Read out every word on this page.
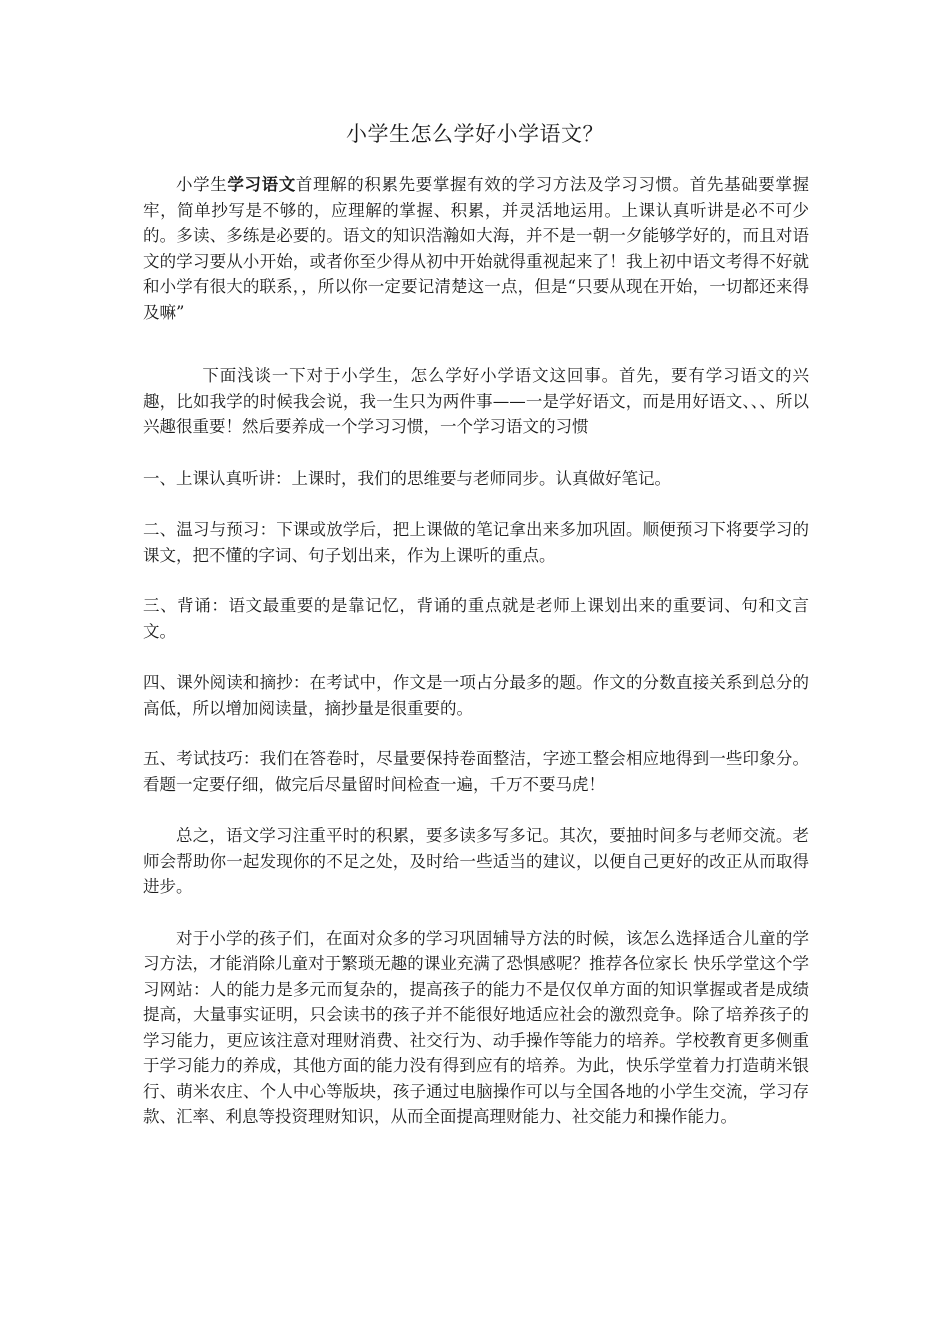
小学生怎么学好小学语文？

小学生学习语文首理解的积累先要掌握有效的学习方法及学习习惯。首先基础要掌握牢，简单抄写是不够的，应理解的掌握、积累，并灵活地运用。上课认真听讲是必不可少的。多读、多练是必要的。语文的知识浩瀚如大海，并不是一朝一夕能够学好的，而且对语文的学习要从小开始，或者你至少得从初中开始就得重视起来了！我上初中语文考得不好就和小学有很大的联系，，所以你一定要记清楚这一点，但是“只要从现在开始，一切都还来得及嘛”

下面浅谈一下对于小学生，怎么学好小学语文这回事。首先，要有学习语文的兴趣，比如我学的时候我会说，我一生只为两件事——一是学好语文，而是用好语文、、、所以兴趣很重要！然后要养成一个学习习惯，一个学习语文的习惯

一、上课认真听讲：上课时，我们的思维要与老师同步。认真做好笔记。

二、温习与预习：下课或放学后，把上课做的笔记拿出来多加巩固。顺便预习下将要学习的课文，把不懂的字词、句子划出来，作为上课听的重点。

三、背诵：语文最重要的是靠记忆，背诵的重点就是老师上课划出来的重要词、句和文言文。

四、课外阅读和摘抄：在考试中，作文是一项占分最多的题。作文的分数直接关系到总分的高低，所以增加阅读量，摘抄量是很重要的。

五、考试技巧：我们在答卷时，尽量要保持卷面整洁，字迹工整会相应地得到一些印象分。看题一定要仔细，做完后尽量留时间检查一遍，千万不要马虎！

总之，语文学习注重平时的积累，要多读多写多记。其次，要抽时间多与老师交流。老师会帮助你一起发现你的不足之处，及时给一些适当的建议，以便自己更好的改正从而取得进步。

对于小学的孩子们，在面对众多的学习巩固辅导方法的时候，该怎么选择适合儿童的学习方法，才能消除儿童对于繁琐无趣的课业充满了恐惧感呢？推荐各位家长 快乐学堂这个学习网站：人的能力是多元而复杂的，提高孩子的能力不是仅仅单方面的知识掌握或者是成绩提高，大量事实证明，只会读书的孩子并不能很好地适应社会的激烈竞争。除了培养孩子的学习能力，更应该注意对理财消费、社交行为、动手操作等能力的培养。学校教育更多侧重于学习能力的养成，其他方面的能力没有得到应有的培养。为此，快乐学堂着力打造萌米银行、萌米农庄、个人中心等版块，孩子通过电脑操作可以与全国各地的小学生交流，学习存款、汇率、利息等投资理财知识，从而全面提高理财能力、社交能力和操作能力。
